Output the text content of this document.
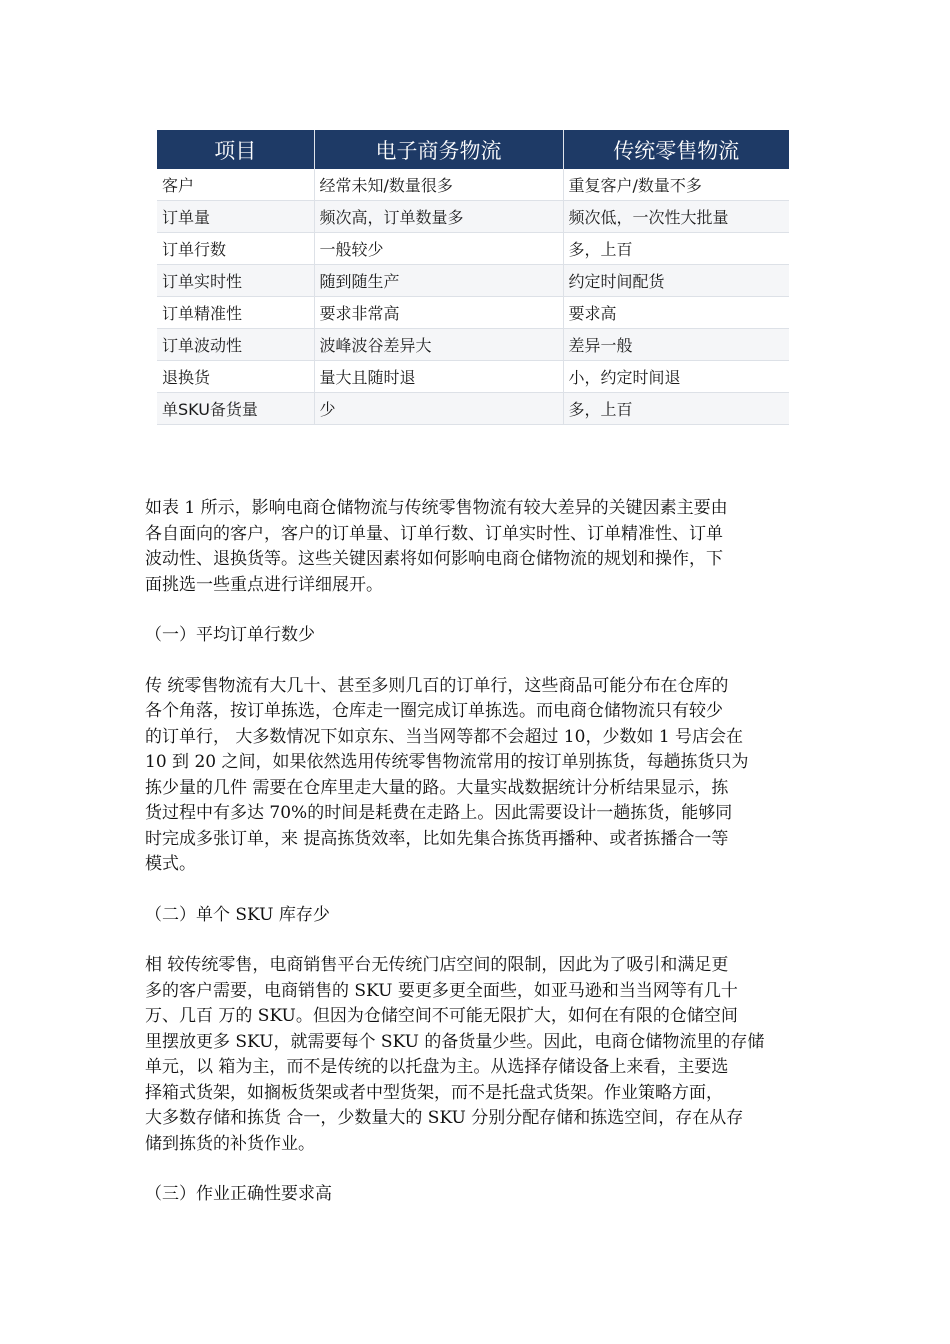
项目	电子商务物流	传统零售物流
客户	经常未知/数量很多	重复客户/数量不多
订单量	频次高，订单数量多	频次低，一次性大批量
订单行数	一般较少	多，上百
订单实时性	随到随生产	约定时间配货
订单精准性	要求非常高	要求高
订单波动性	波峰波谷差异大	差异一般
退换货	量大且随时退	小，约定时间退
单SKU备货量	少	多，上百

如表 1 所示，影响电商仓储物流与传统零售物流有较大差异的关键因素主要由
各自面向的客户，客户的订单量、订单行数、订单实时性、订单精准性、订单
波动性、退换货等。这些关键因素将如何影响电商仓储物流的规划和操作，下
面挑选一些重点进行详细展开。

（一）平均订单行数少

传 统零售物流有大几十、甚至多则几百的订单行，这些商品可能分布在仓库的
各个角落，按订单拣选，仓库走一圈完成订单拣选。而电商仓储物流只有较少
的订单行， 大多数情况下如京东、当当网等都不会超过 10，少数如 1 号店会在
10 到 20 之间，如果依然选用传统零售物流常用的按订单别拣货，每趟拣货只为
拣少量的几件 需要在仓库里走大量的路。大量实战数据统计分析结果显示，拣
货过程中有多达 70%的时间是耗费在走路上。因此需要设计一趟拣货，能够同
时完成多张订单，来 提高拣货效率，比如先集合拣货再播种、或者拣播合一等
模式。

（二）单个 SKU 库存少

相 较传统零售，电商销售平台无传统门店空间的限制，因此为了吸引和满足更
多的客户需要，电商销售的 SKU 要更多更全面些，如亚马逊和当当网等有几十
万、几百 万的 SKU。但因为仓储空间不可能无限扩大，如何在有限的仓储空间
里摆放更多 SKU，就需要每个 SKU 的备货量少些。因此，电商仓储物流里的存储
单元，以 箱为主，而不是传统的以托盘为主。从选择存储设备上来看，主要选
择箱式货架，如搁板货架或者中型货架，而不是托盘式货架。作业策略方面，
大多数存储和拣货 合一，少数量大的 SKU 分别分配存储和拣选空间，存在从存
储到拣货的补货作业。

（三）作业正确性要求高
